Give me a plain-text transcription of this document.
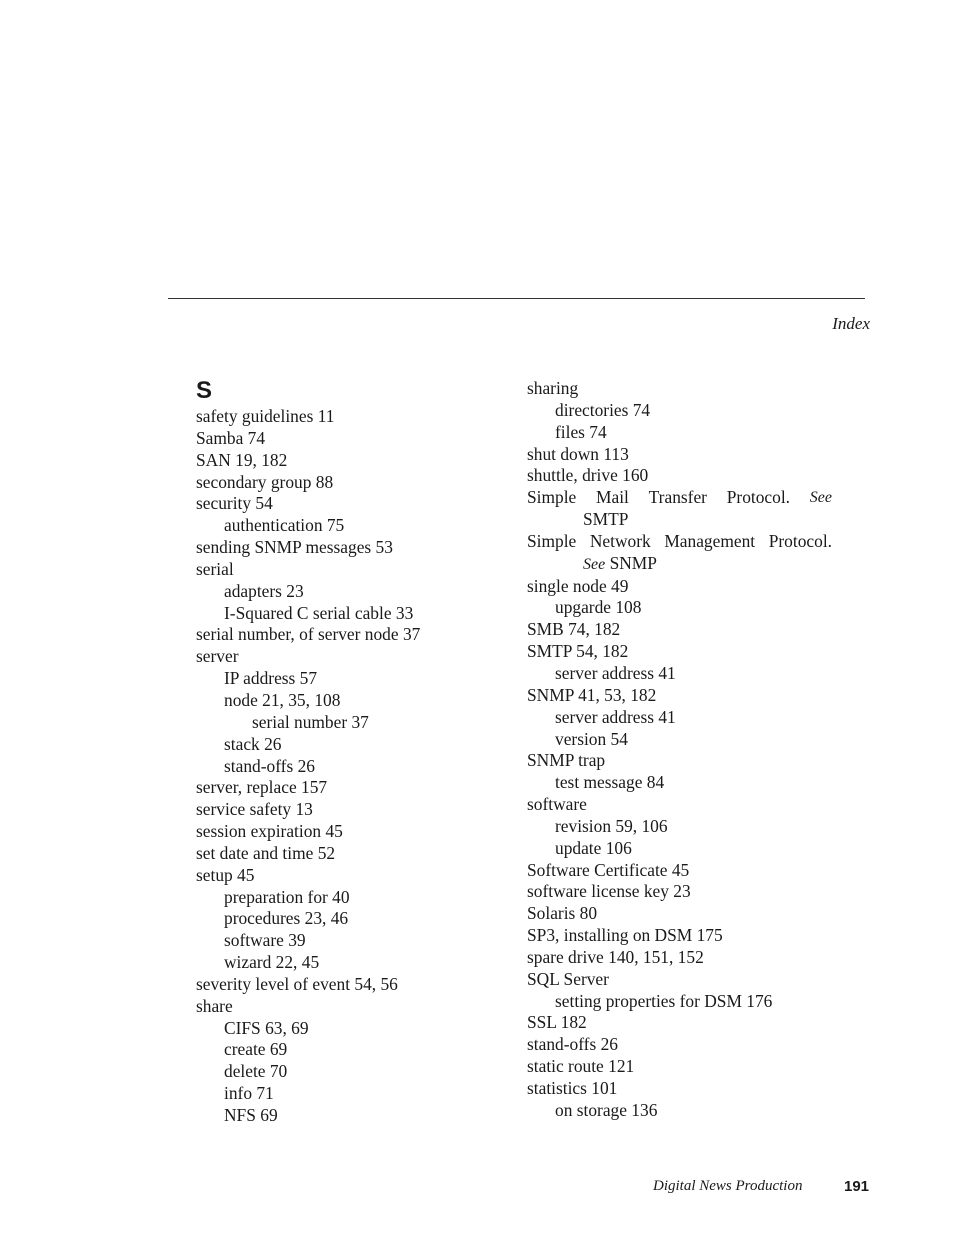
Index
S
safety guidelines 11
Samba 74
SAN 19, 182
secondary group 88
security 54
authentication 75
sending SNMP messages 53
serial
adapters 23
I-Squared C serial cable 33
serial number, of server node 37
server
IP address 57
node 21, 35, 108
serial number 37
stack 26
stand-offs 26
server, replace 157
service safety 13
session expiration 45
set date and time 52
setup 45
preparation for 40
procedures 23, 46
software 39
wizard 22, 45
severity level of event 54, 56
share
CIFS 63, 69
create 69
delete 70
info 71
NFS 69
sharing
directories 74
files 74
shut down 113
shuttle, drive 160
Simple Mail Transfer Protocol. See
SMTP
Simple Network Management Protocol.
See SNMP
single node 49
upgarde 108
SMB 74, 182
SMTP 54, 182
server address 41
SNMP 41, 53, 182
server address 41
version 54
SNMP trap
test message 84
software
revision 59, 106
update 106
Software Certificate 45
software license key 23
Solaris 80
SP3, installing on DSM 175
spare drive 140, 151, 152
SQL Server
setting properties for DSM 176
SSL 182
stand-offs 26
static route 121
statistics 101
on storage 136
Digital News Production	191
